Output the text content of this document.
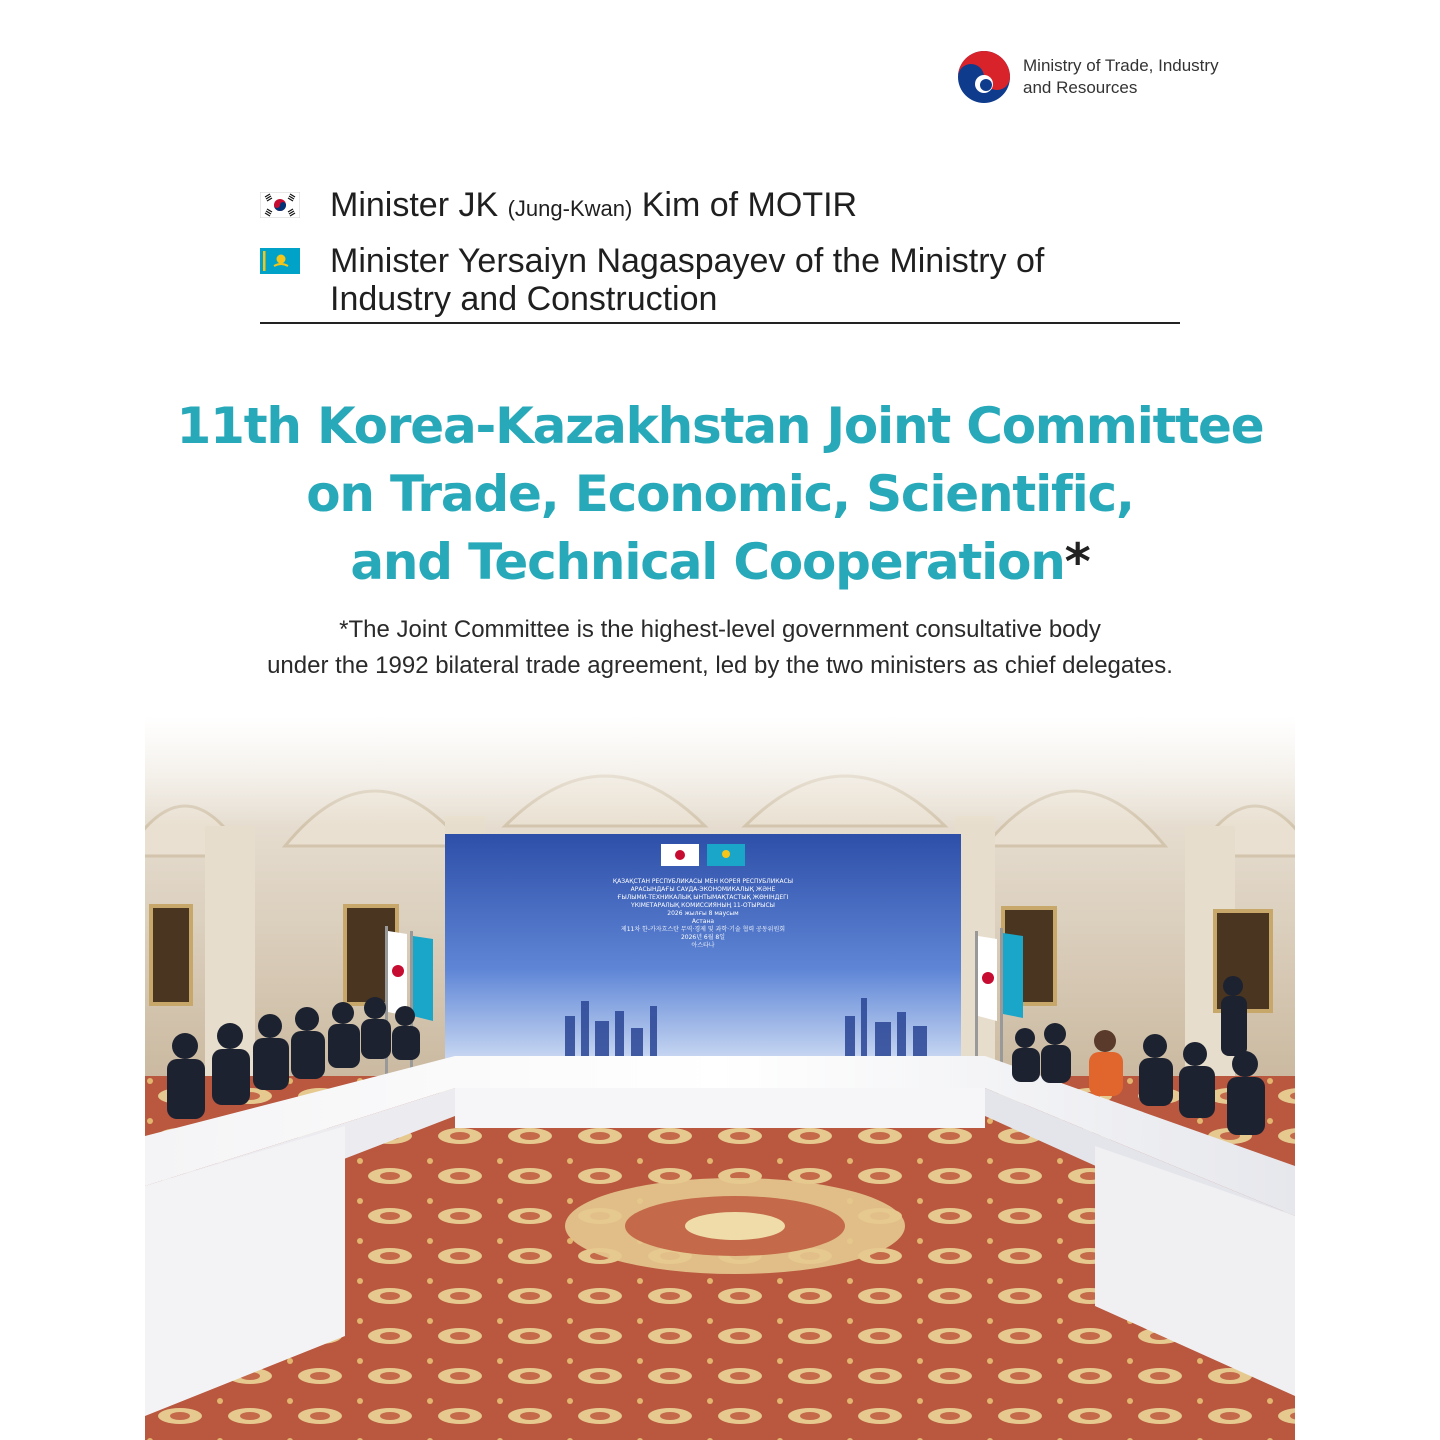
Ministry of Trade, Industry
and Resources
Minister JK (Jung-Kwan) Kim of MOTIR
Minister Yersaiyn Nagaspayev of the Ministry of
Industry and Construction
11th Korea-Kazakhstan Joint Committee
on Trade, Economic, Scientific,
and Technical Cooperation*
*The Joint Committee is the highest-level government consultative body
under the 1992 bilateral trade agreement, led by the two ministers as chief delegates.
ҚАЗАҚСТАН РЕСПУБЛИКАСЫ МЕН КОРЕЯ РЕСПУБЛИКАСЫ
АРАСЫНДАҒЫ САУДА-ЭКОНОМИКАЛЫҚ ЖӘНЕ
ҒЫЛЫМИ-ТЕХНИКАЛЫҚ ЫНТЫМАҚТАСТЫҚ ЖӨНІНДЕГІ
ҮКІМЕТАРАЛЫҚ КОМИССИЯНЫҢ 11-ОТЫРЫСЫ
2026 жылғы 8 маусым
Астана
제11차 한-카자흐스탄 무역·경제 및 과학·기술 협력 공동위원회
2026년 6월 8일
아스타나
